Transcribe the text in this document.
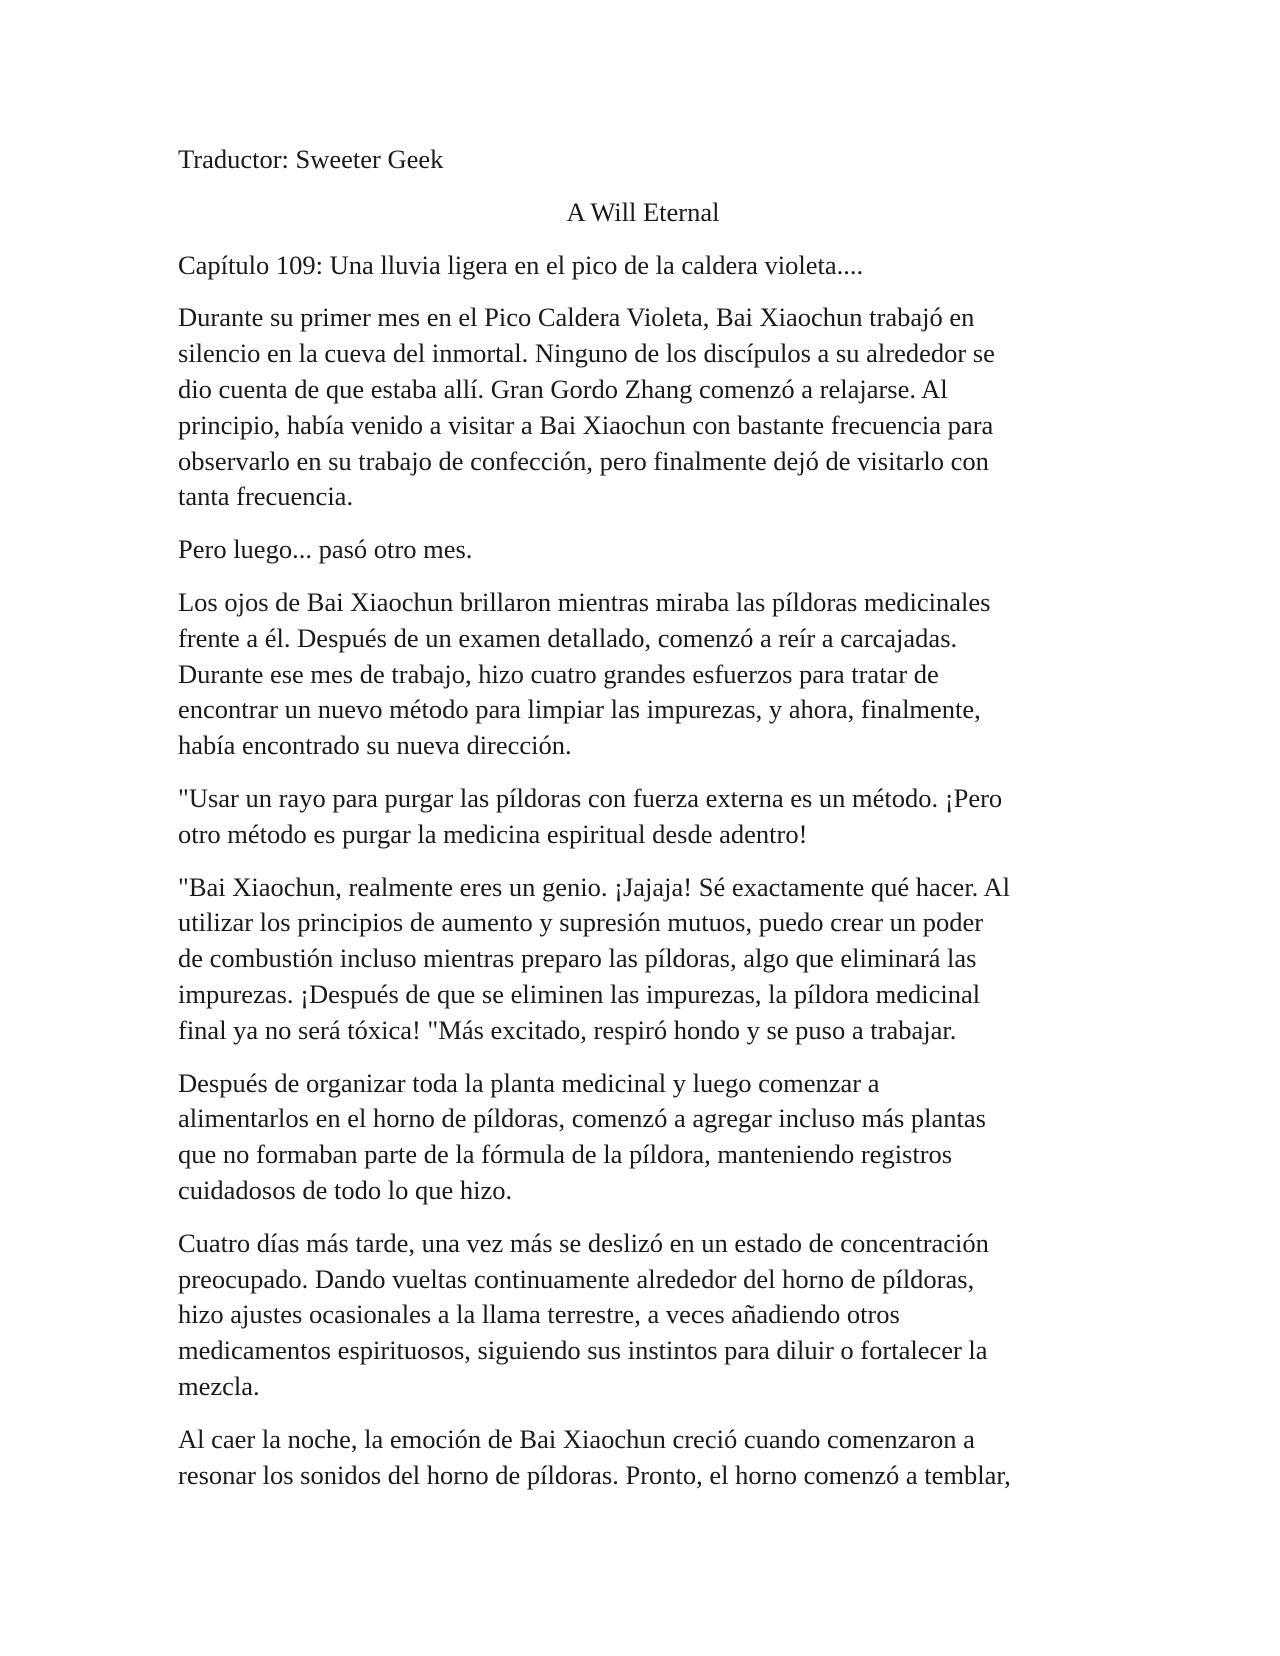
Traductor: Sweeter Geek
A Will Eternal
Capítulo 109: Una lluvia ligera en el pico de la caldera violeta....
Durante su primer mes en el Pico Caldera Violeta, Bai Xiaochun trabajó en
silencio en la cueva del inmortal. Ninguno de los discípulos a su alrededor se
dio cuenta de que estaba allí. Gran Gordo Zhang comenzó a relajarse. Al
principio, había venido a visitar a Bai Xiaochun con bastante frecuencia para
observarlo en su trabajo de confección, pero finalmente dejó de visitarlo con
tanta frecuencia.
Pero luego... pasó otro mes.
Los ojos de Bai Xiaochun brillaron mientras miraba las píldoras medicinales
frente a él. Después de un examen detallado, comenzó a reír a carcajadas.
Durante ese mes de trabajo, hizo cuatro grandes esfuerzos para tratar de
encontrar un nuevo método para limpiar las impurezas, y ahora, finalmente,
había encontrado su nueva dirección.
"Usar un rayo para purgar las píldoras con fuerza externa es un método. ¡Pero
otro método es purgar la medicina espiritual desde adentro!
"Bai Xiaochun, realmente eres un genio. ¡Jajaja! Sé exactamente qué hacer. Al
utilizar los principios de aumento y supresión mutuos, puedo crear un poder
de combustión incluso mientras preparo las píldoras, algo que eliminará las
impurezas. ¡Después de que se eliminen las impurezas, la píldora medicinal
final ya no será tóxica! "Más excitado, respiró hondo y se puso a trabajar.
Después de organizar toda la planta medicinal y luego comenzar a
alimentarlos en el horno de píldoras, comenzó a agregar incluso más plantas
que no formaban parte de la fórmula de la píldora, manteniendo registros
cuidadosos de todo lo que hizo.
Cuatro días más tarde, una vez más se deslizó en un estado de concentración
preocupado. Dando vueltas continuamente alrededor del horno de píldoras,
hizo ajustes ocasionales a la llama terrestre, a veces añadiendo otros
medicamentos espirituosos, siguiendo sus instintos para diluir o fortalecer la
mezcla.
Al caer la noche, la emoción de Bai Xiaochun creció cuando comenzaron a
resonar los sonidos del horno de píldoras. Pronto, el horno comenzó a temblar,
